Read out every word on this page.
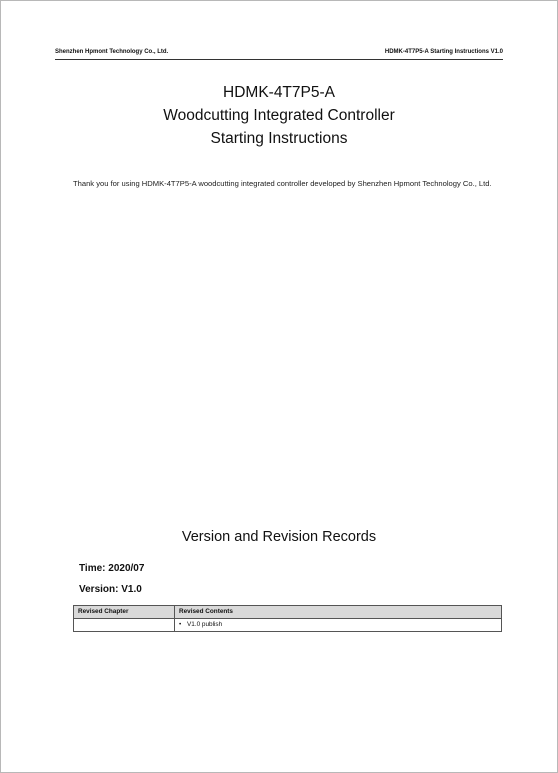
Shenzhen Hpmont Technology Co., Ltd.	HDMK-4T7P5-A Starting Instructions V1.0
HDMK-4T7P5-A
Woodcutting Integrated Controller
Starting Instructions
Thank you for using HDMK-4T7P5-A woodcutting integrated controller developed by Shenzhen Hpmont Technology Co., Ltd.
Version and Revision Records
Time: 2020/07
Version: V1.0
Revised Chapter	Revised Contents
	• V1.0 publish
